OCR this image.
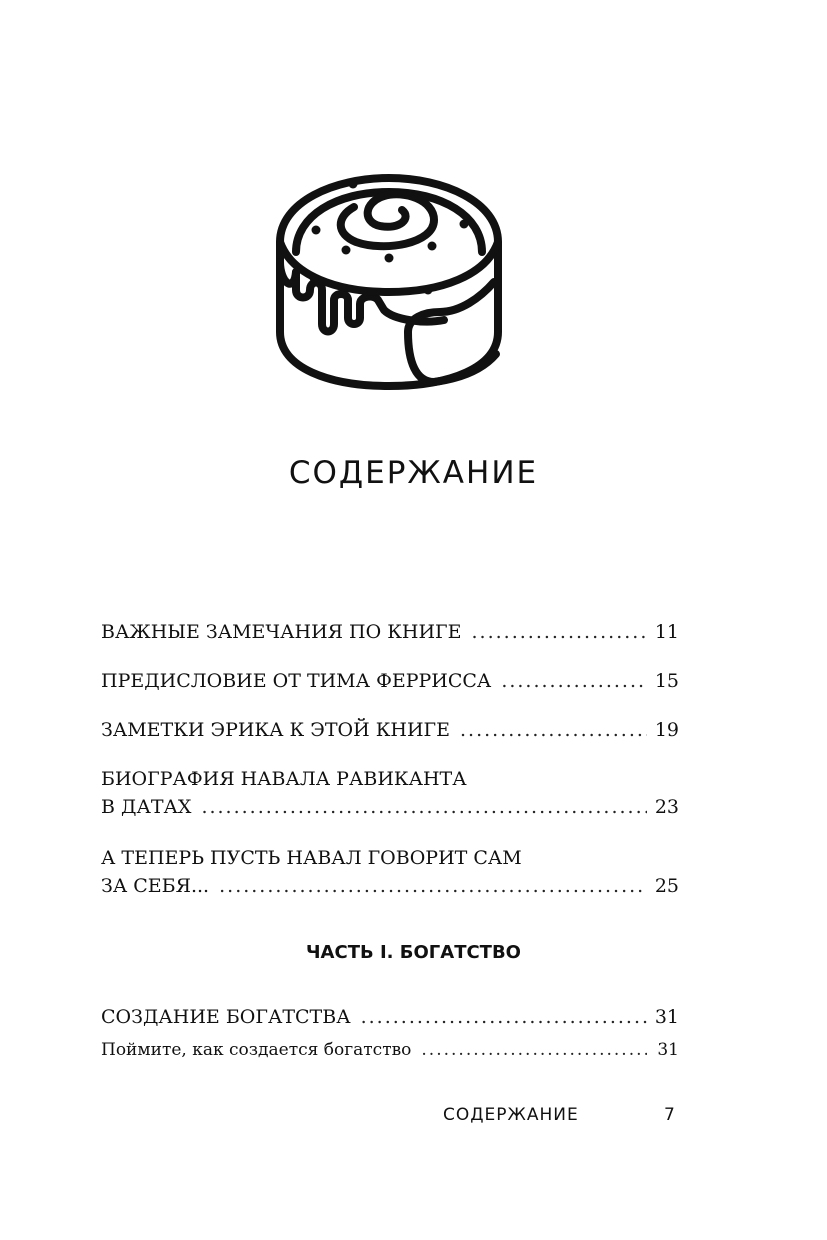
СОДЕРЖАНИЕ
ВАЖНЫЕ ЗАМЕЧАНИЯ ПО КНИГЕ .....	11
ПРЕДИСЛОВИЕ ОТ ТИМА ФЕРРИССА .....	15
ЗАМЕТКИ ЭРИКА К ЭТОЙ КНИГЕ .....	19
БИОГРАФИЯ НАВАЛА РАВИКАНТА
В ДАТАХ .....	23
А ТЕПЕРЬ ПУСТЬ НАВАЛ ГОВОРИТ САМ
ЗА СЕБЯ... .....	25
ЧАСТЬ I. БОГАТСТВО
СОЗДАНИЕ БОГАТСТВА .....	31
Поймите, как создается богатство .....	31
СОДЕРЖАНИЕ	7
